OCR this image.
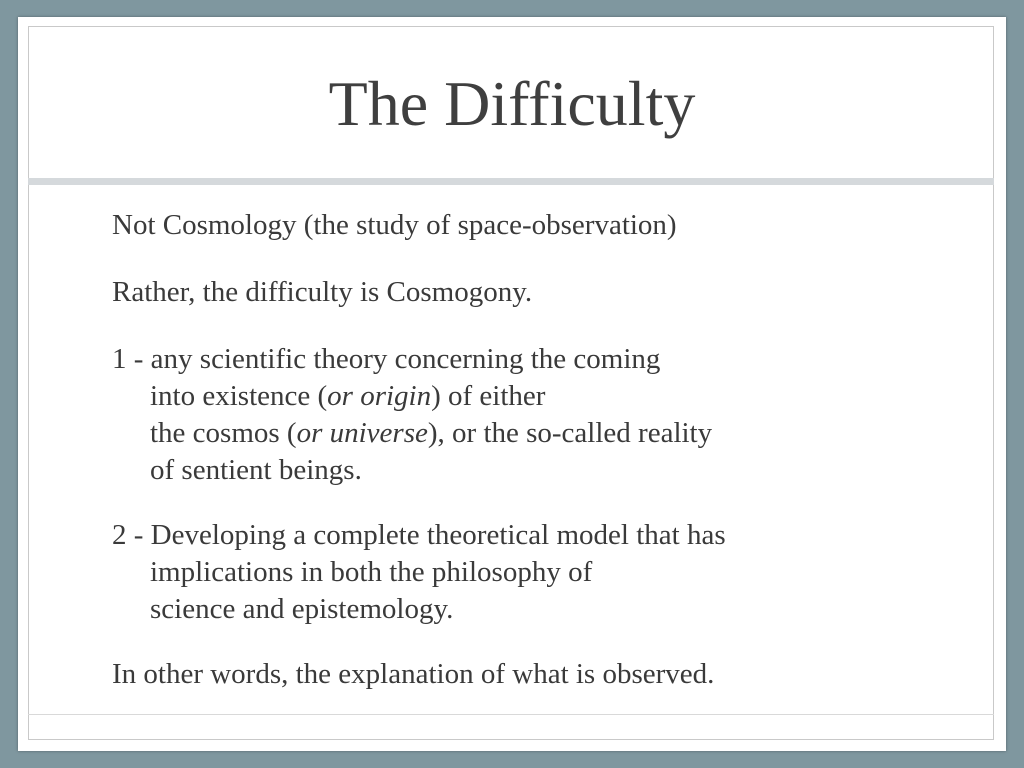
The Difficulty

Not Cosmology (the study of space-observation)

Rather, the difficulty is Cosmogony.

1 - any scientific theory concerning the coming
into existence (or origin) of either
the cosmos (or universe), or the so-called reality
of sentient beings.
2 - Developing a complete theoretical model that has
implications in both the philosophy of
science and epistemology.

In other words, the explanation of what is observed.
